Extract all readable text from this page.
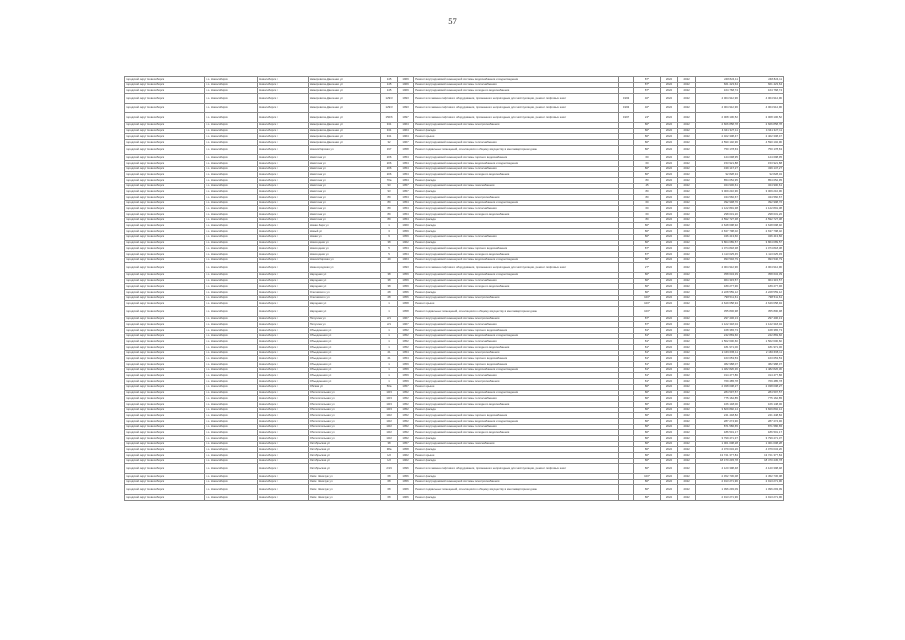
57
городской округ Новосибирск	г.о. Новосибирск	Новосибирск г	Немировича-Данченко ул	145	1969	Ремонт внутридомовой инженерной системы водоснабжения и водоотведения		87*	2022	2022	248 824,11	248 824,11
городской округ Новосибирск	г.о. Новосибирск	Новосибирск г	Немировича-Данченко ул	145	1969	Ремонт внутридомовой инженерной системы теплоснабжения		87*	2022	2022	661 423,64	661 423,64
городской округ Новосибирск	г.о. Новосибирск	Новосибирск г	Немировича-Данченко ул	145	1969	Ремонт внутридомовой инженерной системы холодного водоснабжения		87*	2022	2022	164 768,74	164 768,74
городской округ Новосибирск	г.о. Новосибирск	Новосибирск г	Немировича-Данченко ул	129/3	1993	Ремонт или замена лифтового оборудования, признанного непригодным для эксплуатации, ремонт лифтовых шахт	1993	40*	2022	2022	4 004 912,96	4 004 912,96
городской округ Новосибирск	г.о. Новосибирск	Новосибирск г	Немировича-Данченко ул	129/3	1993	Ремонт или замена лифтового оборудования, признанного непригодным для эксплуатации, ремонт лифтовых шахт	1993	40*	2022	2022	4 004 912,96	4 004 912,96
городской округ Новосибирск	г.о. Новосибирск	Новосибирск г	Немировича-Данченко ул	150/6	1997	Ремонт или замена лифтового оборудования, признанного непригодным для эксплуатации, ремонт лифтовых шахт	1997	24*	2022	2022	2 008 106,52	2 008 106,52
городской округ Новосибирск	г.о. Новосибирск	Новосибирск г	Немировича-Данченко ул	341	1964	Ремонт внутридомовой инженерной системы электроснабжения		80*	2022	2022	2 666 858,78	2 666 858,78
городской округ Новосибирск	г.о. Новосибирск	Новосибирск г	Немировича-Данченко ул	341	1964	Ремонт фасада		80*	2022	2022	4 941 327,11	4 941 327,11
городской округ Новосибирск	г.о. Новосибирск	Новосибирск г	Немировича-Данченко ул	341	1964	Ремонт крыши		80*	2022	2022	2 402 308,47	2 402 308,47
городской округ Новосибирск	г.о. Новосибирск	Новосибирск г	Немировича-Данченко ул	32	1967	Ремонт внутридомовой инженерной системы теплоснабжения		80*	2022	2022	4 590 102,96	4 590 102,96
городской округ Новосибирск	г.о. Новосибирск	Новосибирск г	Новосибирская ул	197	1958	Ремонт подвальных помещений, относящихся к общему имуществу в многоквартирном доме		80*	2022	2022	750 178,63	750 178,63
городской округ Новосибирск	г.о. Новосибирск	Новосибирск г	Никитина ул	206	1954	Ремонт внутридомовой инженерной системы горячего водоснабжения		60	2022	2022	124 098,95	124 098,95
городской округ Новосибирск	г.о. Новосибирск	Новосибирск г	Никитина ул	206	1954	Ремонт внутридомовой инженерной системы водоснабжения и водоотведения		60	2022	2022	153 921,88	153 921,88
городской округ Новосибирск	г.о. Новосибирск	Новосибирск г	Никитина ул	206	1954	Ремонт внутридомовой инженерной системы теплоснабжения		80*	2022	2022	439 147,27	439 147,27
городской округ Новосибирск	г.о. Новосибирск	Новосибирск г	Никитина ул	206	1954	Ремонт внутридомовой инженерной системы холодного водоснабжения		80*	2022	2022	92 828,34	92 828,34
городской округ Новосибирск	г.о. Новосибирск	Новосибирск г	Никитина ул	70а	1954	Ремонт фасада		80	2022	2022	854 052,95	854 052,95
городской округ Новосибирск	г.о. Новосибирск	Новосибирск г	Никитина ул	93	1957	Ремонт внутридомовой инженерной системы газоснабжения		45	2022	2022	324 900,61	324 900,61
городской округ Новосибирск	г.о. Новосибирск	Новосибирск г	Никитина ул	93	1957	Ремонт фасада		80	2022	2022	3 009 210,96	3 009 210,96
городской округ Новосибирск	г.о. Новосибирск	Новосибирск г	Никитина ул	89	1954	Ремонт внутридомовой инженерной системы электроснабжения		80	2022	2022	344 560,67	344 560,67
городской округ Новосибирск	г.о. Новосибирск	Новосибирск г	Никитина ул	89	1954	Ремонт внутридомовой инженерной системы водоснабжения и водоотведения		60	2022	2022	392 998,76	392 998,76
городской округ Новосибирск	г.о. Новосибирск	Новосибирск г	Никитина ул	89	1954	Ремонт внутридомовой инженерной системы теплоснабжения		60	2022	2022	1 122 891,38	1 122 891,38
городской округ Новосибирск	г.о. Новосибирск	Новосибирск г	Никитина ул	89	1954	Ремонт внутридомовой инженерной системы холодного водоснабжения		60	2022	2022	298 031,20	298 031,20
городской округ Новосибирск	г.о. Новосибирск	Новосибирск г	Никитина ул	89	1954	Ремонт фасада		80	2022	2022	4 592 727,38	4 592 727,38
городской округ Новосибирск	г.о. Новосибирск	Новосибирск г	Новая Заря ул	1	1960	Ремонт фасада		80*	2022	2022	2 648 698,92	2 648 698,92
городской округ Новосибирск	г.о. Новосибирск	Новосибирск г	Новый ул	3	1959	Ремонт фасада		80*	2022	2022	2 637 798,02	2 637 798,02
городской округ Новосибирск	г.о. Новосибирск	Новосибирск г	Новая ул	9	1959	Ремонт внутридомовой инженерной системы теплоснабжения		80*	2022	2022	346 413,60	346 413,60
городской округ Новосибирск	г.о. Новосибирск	Новосибирск г	Новогодняя ул	38	1962	Ремонт фасада		80*	2022	2022	3 864 689,57	3 864 689,57
городской округ Новосибирск	г.о. Новосибирск	Новосибирск г	Новогодняя ул	5	1954	Ремонт внутридомовой инженерной системы горячего водоснабжения		87*	2022	2022	1 074 818,38	1 074 818,38
городской округ Новосибирск	г.о. Новосибирск	Новосибирск г	Новогодняя ул	5	1954	Ремонт внутридомовой инженерной системы холодного водоснабжения		87*	2022	2022	1 113 025,45	1 113 025,45
городской округ Новосибирск	г.о. Новосибирск	Новосибирск г	Новосибирская ул	49	1964	Ремонт внутридомовой инженерной системы водоснабжения и водоотведения		80*	2022	2022	993 546,79	993 546,79
городской округ Новосибирск	г.о. Новосибирск	Новосибирск г	Нижегородская ул		1993	Ремонт или замена лифтового оборудования, признанного непригодным для эксплуатации, ремонт лифтовых шахт		27*	2022	2022	4 004 912,96	4 004 912,96
городской округ Новосибирск	г.о. Новосибирск	Новосибирск г	Народная ул	38	1959	Ремонт внутридомовой инженерной системы водоснабжения и водоотведения		80*	2022	2022	358 634,39	358 634,39
городской округ Новосибирск	г.о. Новосибирск	Новосибирск г	Народная ул	38	1959	Ремонт внутридомовой инженерной системы теплоснабжения		80*	2022	2022	964 315,57	964 315,57
городской округ Новосибирск	г.о. Новосибирск	Новосибирск г	Народная ул	38	1959	Ремонт внутридомовой инженерной системы холодного водоснабжения		80*	2022	2022	189 277,96	189 277,96
городской округ Новосибирск	г.о. Новосибирск	Новосибирск г	Олеговского ул	28	1956	Ремонт фасада		80*	2022	2022	4 228 559,12	4 228 559,12
городской округ Новосибирск	г.о. Новосибирск	Новосибирск г	Олеговского ул	28	1956	Ремонт внутридомовой инженерной системы электроснабжения		100*	2022	2022	798 511,61	798 511,61
городской округ Новосибирск	г.о. Новосибирск	Новосибирск г	Народная ул	1	1958	Ремонт крыши		100*	2022	2022	4 649 658,94	4 649 658,94
городской округ Новосибирск	г.о. Новосибирск	Новосибирск г	Народная ул	1	1958	Ремонт подвальных помещений, относящихся к общему имуществу в многоквартирном доме		100*	2022	2022	355 800,98	355 800,98
городской округ Новосибирск	г.о. Новосибирск	Новосибирск г	Пичугина ул	2/1	1967	Ремонт внутридомовой инженерной системы электроснабжения		87*	2022	2022	297 406,13	297 406,13
городской округ Новосибирск	г.о. Новосибирск	Новосибирск г	Пичугина ул	2/1	1967	Ремонт внутридомовой инженерной системы теплоснабжения		87*	2022	2022	1 122 318,04	1 122 318,04
городской округ Новосибирск	г.о. Новосибирск	Новосибирск г	Объединения ул	1	1952	Ремонт внутридомовой инженерной системы горячего водоснабжения		81*	2022	2022	168 365,73	168 365,73
городской округ Новосибирск	г.о. Новосибирск	Новосибирск г	Объединения ул	1	1952	Ремонт внутридомовой инженерной системы водоснабжения и водоотведения		81*	2022	2022	242 869,60	242 869,60
городской округ Новосибирск	г.о. Новосибирск	Новосибирск г	Объединения ул	1	1952	Ремонт внутридомовой инженерной системы теплоснабжения		81*	2022	2022	1 562 600,60	1 562 600,60
городской округ Новосибирск	г.о. Новосибирск	Новосибирск г	Объединения ул	1	1952	Ремонт внутридомовой инженерной системы холодного водоснабжения		81*	2022	2022	181 971,00	181 971,00
городской округ Новосибирск	г.о. Новосибирск	Новосибирск г	Объединения ул	21	1954	Ремонт внутридомовой инженерной системы электроснабжения		81*	2022	2022	2 166 695,11	2 166 695,11
городской округ Новосибирск	г.о. Новосибирск	Новосибирск г	Объединения ул	21	1954	Ремонт внутридомовой инженерной системы горячего водоснабжения		81*	2022	2022	163 053,53	163 053,53
городской округ Новосибирск	г.о. Новосибирск	Новосибирск г	Объединения ул	1	1959	Ремонт внутридомовой инженерной системы горячего водоснабжения		81*	2022	2022	382 988,07	382 988,07
городской округ Новосибирск	г.о. Новосибирск	Новосибирск г	Объединения ул	1	1959	Ремонт внутридомовой инженерной системы водоснабжения и водоотведения		81*	2022	2022	1 482 826,36	1 482 826,36
городской округ Новосибирск	г.о. Новосибирск	Новосибирск г	Объединения ул	1	1959	Ремонт внутридомовой инженерной системы теплоснабжения		81*	2022	2022	314 477,86	314 477,86
городской округ Новосибирск	г.о. Новосибирск	Новосибирск г	Объединения ул	1	1959	Ремонт внутридомовой инженерной системы электроснабжения		81*	2022	2022	769 485,78	769 485,78
городской округ Новосибирск	г.о. Новосибирск	Новосибирск г	Обская ул	50а	1957	Ремонт крыши		80*	2022	2022	2 038 008,27	2 038 008,27
городской округ Новосибирск	г.о. Новосибирск	Новосибирск г	Обогатительная ул	10/3	1952	Ремонт внутридомовой инженерной системы водоснабжения и водоотведения		80*	2022	2022	284 597,57	284 597,57
городской округ Новосибирск	г.о. Новосибирск	Новосибирск г	Обогатительная ул	10/3	1952	Ремонт внутридомовой инженерной системы теплоснабжения		80*	2022	2022	775 162,85	775 162,85
городской округ Новосибирск	г.о. Новосибирск	Новосибирск г	Обогатительная ул	10/3	1952	Ремонт внутридомовой инженерной системы холодного водоснабжения		80*	2022	2022	166 148,00	166 148,00
городской округ Новосибирск	г.о. Новосибирск	Новосибирск г	Обогатительная ул	10/3	1952	Ремонт фасада		80*	2022	2022	3 829 892,14	3 829 892,14
городской округ Новосибирск	г.о. Новосибирск	Новосибирск г	Обогатительная ул	10/2	1952	Ремонт внутридомовой инженерной системы горячего водоснабжения		80*	2022	2022	241 448,82	241 448,82
городской округ Новосибирск	г.о. Новосибирск	Новосибирск г	Обогатительная ул	10/2	1952	Ремонт внутридомовой инженерной системы водоснабжения и водоотведения		80*	2022	2022	287 274,90	287 274,90
городской округ Новосибирск	г.о. Новосибирск	Новосибирск г	Обогатительная ул	10/2	1952	Ремонт внутридомовой инженерной системы теплоснабжения		80*	2022	2022	871 586,65	871 586,65
городской округ Новосибирск	г.о. Новосибирск	Новосибирск г	Обогатительная ул	10/2	1952	Ремонт внутридомовой инженерной системы холодного водоснабжения		80*	2022	2022	186 501,17	186 501,17
городской округ Новосибирск	г.о. Новосибирск	Новосибирск г	Обогатительная ул	10/2	1952	Ремонт фасада		80*	2022	2022	3 799 471,37	3 799 471,37
городской округ Новосибирск	г.о. Новосибирск	Новосибирск г	Октябрьская ул	38	1957	Ремонт внутридомовой инженерной системы газоснабжения		80*	2022	2022	1 001 008,28	1 001 008,28
городской округ Новосибирск	г.о. Новосибирск	Новосибирск г	Октябрьская ул	38а	1958	Ремонт фасада		80*	2022	2022	4 079 034,26	4 079 034,26
городской округ Новосибирск	г.о. Новосибирск	Новосибирск г	Октябрьская ул	1/2	1962	Ремонт крыши		80*	2022	2022	13 721 377,84	13 721 377,84
городской округ Новосибирск	г.о. Новосибирск	Новосибирск г	Октябрьская ул	1/2	1962	Ремонт фасада		80*	2022	2022	18 470 245,78	18 470 245,78
городской округ Новосибирск	г.о. Новосибирск	Новосибирск г	Октябрьская ул	2/19	1996	Ремонт или замена лифтового оборудования, признанного непригодным для эксплуатации, ремонт лифтовых шахт		80*	2022	2022	4 120 398,48	4 120 398,48
городской округ Новосибирск	г.о. Новосибирск	Новосибирск г	Омск. Жемчуж ул	68	1956	Ремонт фасада		100*	2022	2022	2 452 736,08	2 452 736,08
городской округ Новосибирск	г.о. Новосибирск	Новосибирск г	Омск. Жемчуж ул	68	1956	Ремонт внутридомовой инженерной системы электроснабжения		80*	2022	2022	2 913 271,96	2 913 271,96
городской округ Новосибирск	г.о. Новосибирск	Новосибирск г	Омск. Жемчуж ул	68	1966	Ремонт подвальных помещений, относящихся к общему имуществу в многоквартирном доме		80*	2022	2022	1 096 293,09	1 096 293,09
городской округ Новосибирск	г.о. Новосибирск	Новосибирск г	Омск. Жемчуж ул	68	1966	Ремонт фасада		80*	2022	2022	2 913 271,96	2 913 271,96
